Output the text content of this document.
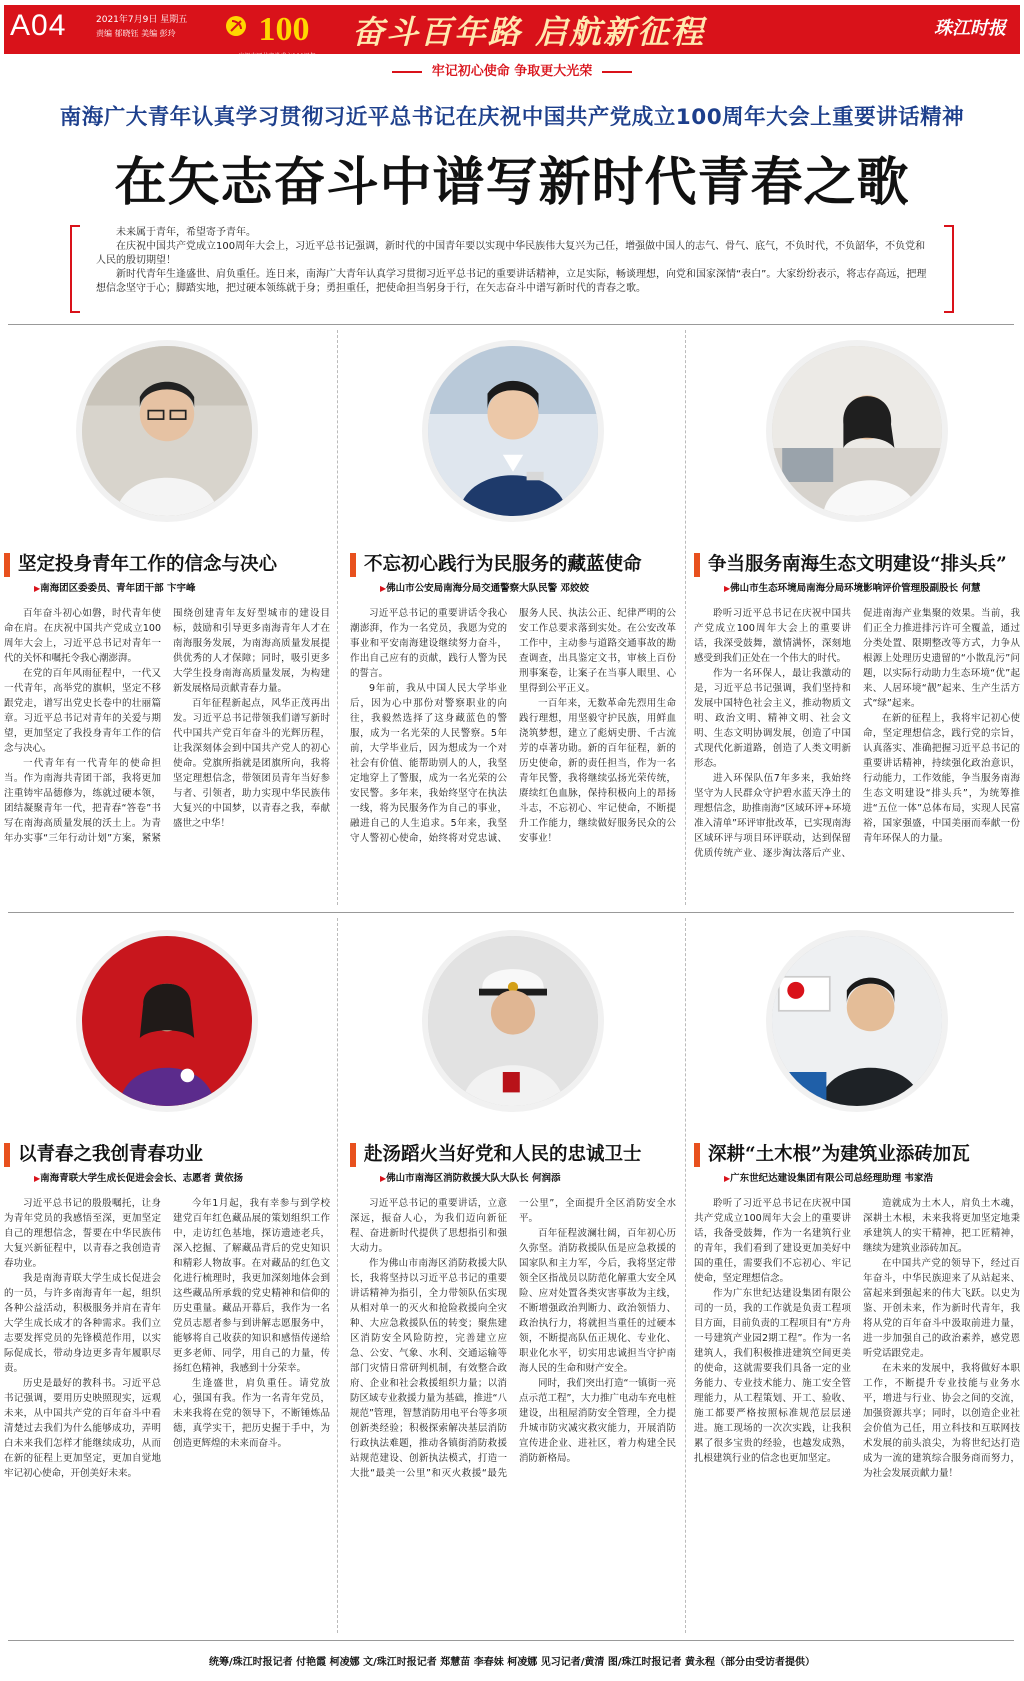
A04	2021年7月9日 星期五
责编 郁晓钰 美编 彭玲 100
庆祝中国共产党成立100周年
奋斗百年路 启航新征程	珠江时报
牢记初心使命 争取更大光荣
南海广大青年认真学习贯彻习近平总书记在庆祝中国共产党成立100周年大会上重要讲话精神
在矢志奋斗中谱写新时代青春之歌

未来属于青年，希望寄予青年。

在庆祝中国共产党成立100周年大会上，习近平总书记强调，新时代的中国青年要以实现中华民族伟大复兴为己任，增强做中国人的志气、骨气、底气，不负时代，不负韶华，不负党和人民的殷切期望！

新时代青年生逢盛世、肩负重任。连日来，南海广大青年认真学习贯彻习近平总书记的重要讲话精神，立足实际，畅谈理想，向党和国家深情“表白”。大家纷纷表示，将志存高远，把理想信念坚守于心；脚踏实地，把过硬本领练就于身；勇担重任，把使命担当躬身于行，在矢志奋斗中谱写新时代的青春之歌。

坚定投身青年工作的信念与决心
▶ 南海团区委委员、青年团干部 卞宇峰

百年奋斗初心如磐，时代青年使命在肩。在庆祝中国共产党成立100周年大会上，习近平总书记对青年一代的关怀和嘱托令我心潮澎湃。

在党的百年风雨征程中，一代又一代青年，高举党的旗帜，坚定不移跟党走，谱写出党史长卷中的壮丽篇章。习近平总书记对青年的关爱与期望，更加坚定了我投身青年工作的信念与决心。

一代青年有一代青年的使命担当。作为南海共青团干部，我将更加注重铸牢品德修为，练就过硬本领，团结凝聚青年一代，把青春“答卷”书写在南海高质量发展的沃土上。为青年办实事“三年行动计划”方案，紧紧围绕创建青年友好型城市的建设目标，鼓励和引导更多南海青年人才在南海服务发展，为南海高质量发展提供优秀的人才保障；同时，吸引更多大学生投身南海高质量发展，为构建新发展格局贡献青春力量。

百年征程新起点，风华正茂再出发。习近平总书记带领我们谱写新时代中国共产党百年奋斗的光辉历程，让我深刻体会到中国共产党人的初心使命。党旗所指就是团旗所向，我将坚定理想信念，带领团员青年当好参与者、引领者，助力实现中华民族伟大复兴的中国梦，以青春之我，奉献盛世之中华！

不忘初心践行为民服务的藏蓝使命
▶ 佛山市公安局南海分局交通警察大队民警 邓姣姣

习近平总书记的重要讲话令我心潮澎湃，作为一名党员，我愿为党的事业和平安南海建设继续努力奋斗，作出自己应有的贡献，践行人警为民的誓言。

9年前，我从中国人民大学毕业后，因为心中那份对警察职业的向往，我毅然选择了这身藏蓝色的警服，成为一名光荣的人民警察。5年前，大学毕业后，因为想成为一个对社会有价值、能帮助别人的人，我坚定地穿上了警服，成为一名光荣的公安民警。多年来，我始终坚守在执法一线，将为民服务作为自己的事业，融进自己的人生追求。5年来，我坚守人警初心使命，始终将对党忠诚、服务人民、执法公正、纪律严明的公安工作总要求落到实处。在公安改革工作中，主动参与道路交通事故的勘查调查，出具鉴定文书，审核上百份刑事案卷，让案子在当事人眼里、心里得到公平正义。

一百年来，无数革命先烈用生命践行理想，用坚毅守护民族，用鲜血浇筑梦想，建立了彪炳史册、千古流芳的卓著功勋。新的百年征程，新的历史使命，新的责任担当，作为一名青年民警，我将继续弘扬光荣传统，赓续红色血脉，保持积极向上的昂扬斗志，不忘初心、牢记使命，不断提升工作能力，继续做好服务民众的公安事业！

争当服务南海生态文明建设“排头兵”
▶ 佛山市生态环境局南海分局环境影响评价管理股副股长 何慧

聆听习近平总书记在庆祝中国共产党成立100周年大会上的重要讲话，我深受鼓舞，激情满怀，深刻地感受到我们正处在一个伟大的时代。

作为一名环保人，最让我激动的是，习近平总书记强调，我们坚持和发展中国特色社会主义，推动物质文明、政治文明、精神文明、社会文明、生态文明协调发展，创造了中国式现代化新道路，创造了人类文明新形态。

进入环保队伍7年多来，我始终坚守为人民群众守护碧水蓝天净土的理想信念，助推南海“区域环评+环境准入清单”环评审批改革，已实现南海区域环评与项目环评联动，达到保留优质传统产业、逐步淘汰落后产业、促进南海产业集聚的效果。当前，我们正全力推进排污许可全覆盖，通过分类处置、限期整改等方式，力争从根源上处理历史遗留的“小散乱污”问题，以实际行动助力生态环境“优”起来、人居环境“靓”起来、生产生活方式“绿”起来。

在新的征程上，我将牢记初心使命，坚定理想信念，践行党的宗旨，认真落实、准确把握习近平总书记的重要讲话精神，持续强化政治意识，行动能力，工作效能，争当服务南海生态文明建设“排头兵”，为统筹推进“五位一体”总体布局，实现人民富裕，国家强盛，中国美丽而奉献一份青年环保人的力量。

以青春之我创青春功业
▶ 南海青联大学生成长促进会会长、志愿者 黄依扬

习近平总书记的殷殷嘱托，让身为青年党员的我感悟至深，更加坚定自己的理想信念，誓要在中华民族伟大复兴新征程中，以青春之我创造青春功业。

我是南海青联大学生成长促进会的一员，与许多南海青年一起，组织各种公益活动，积极服务并肩在青年大学生成长成才的各种需求。我们立志要发挥党员的先锋模范作用，以实际促成长，带动身边更多青年履职尽责。

历史是最好的教科书。习近平总书记强调，要用历史映照现实，远观未来，从中国共产党的百年奋斗中看清楚过去我们为什么能够成功，弄明白未来我们怎样才能继续成功，从而在新的征程上更加坚定，更加自觉地牢记初心使命，开创美好未来。

今年1月起，我有幸参与到学校建党百年红色藏品展的策划组织工作中，走访红色基地，探访遗迹老兵，深入挖掘、了解藏品背后的党史知识和精彩人物故事。在对藏品的红色文化进行梳理时，我更加深刻地体会到这些藏品所承载的党史精神和信仰的历史重量。藏品开幕后，我作为一名党员志愿者参与到讲解志愿服务中，能够将自己收获的知识和感悟传递给更多老师、同学，用自己的力量，传扬红色精神，我感到十分荣幸。

生逢盛世，肩负重任。请党放心，强国有我。作为一名青年党员，未来我将在党的领导下，不断锤炼品德，真学实干，把历史握于手中，为创造更辉煌的未来而奋斗。

赴汤蹈火当好党和人民的忠诚卫士
▶ 佛山市南海区消防救援大队大队长 何润添

习近平总书记的重要讲话，立意深远，振奋人心，为我们迈向新征程、奋进新时代提供了思想指引和强大动力。

作为佛山市南海区消防救援大队长，我将坚持以习近平总书记的重要讲话精神为指引，全力带领队伍实现从相对单一的灭火和抢险救援向全灾种、大应急救援队伍的转变；聚焦建区消防安全风险防控，完善建立应急、公安、气象、水利、交通运输等部门灾情日常研判机制，有效整合政府、企业和社会救援组织力量；以消防区域专业救援力量为基础，推进“八规范”管理，智慧消防用电平台等多项创新类经验；积极探索解决基层消防行政执法难题，推动各镇街消防救援站规范建设、创新执法模式，打造一大批“最美一公里”和灭火救援“最先一公里”，全面提升全区消防安全水平。

百年征程波澜壮阔，百年初心历久弥坚。消防救援队伍是应急救援的国家队和主力军，今后，我将坚定带领全区指战员以防范化解重大安全风险、应对处置各类灾害事故为主线，不断增强政治判断力、政治领悟力、政治执行力，将就担当重任的过硬本领，不断提高队伍正规化、专业化、职业化水平，切实用忠诚担当守护南海人民的生命和财产安全。

同时，我们突出打造“一镇街一亮点示范工程”，大力推广电动车充电桩建设，出租屋消防安全管理，全力提升城市防灾减灾救灾能力，开展消防宣传进企业、进社区，着力构建全民消防新格局。

深耕“土木根”为建筑业添砖加瓦
▶ 广东世纪达建设集团有限公司总经理助理 韦家浩

聆听了习近平总书记在庆祝中国共产党成立100周年大会上的重要讲话，我备受鼓舞，作为一名建筑行业的青年，我们看到了建设更加美好中国的重任，需要我们不忘初心、牢记使命，坚定理想信念。

作为广东世纪达建设集团有限公司的一员，我的工作就是负责工程项目方面，目前负责的工程项目有“方舟一号建筑产业园2期工程”。作为一名建筑人，我们积极推进建筑空间更美的使命，这就需要我们具备一定的业务能力、专业技术能力、施工安全管理能力，从工程策划、开工、验收、施工都要严格按照标准规范层层递进。施工现场的一次次实践，让我积累了很多宝贵的经验，也越发成熟，扎根建筑行业的信念也更加坚定。

造就成为土木人，肩负土木魂，深耕土木根，未来我将更加坚定地秉承建筑人的实干精神，把工匠精神，继续为建筑业添砖加瓦。

在中国共产党的领导下，经过百年奋斗，中华民族迎来了从站起来、富起来到强起来的伟大飞跃。以史为鉴、开创未来，作为新时代青年，我将从党的百年奋斗中汲取前进力量，进一步加强自己的政治素养，感党恩听党话跟党走。

在未来的发展中，我将做好本职工作，不断提升专业技能与业务水平，增进与行业、协会之间的交流，加强资源共享；同时，以创造企业社会价值为己任，用立科技和互联网技术发展的前头浪尖，为将世纪达打造成为一流的建筑综合服务商而努力，为社会发展贡献力量！

统筹/珠江时报记者 付艳霞 柯凌娜 文/珠江时报记者 郑慧苗 李春妹 柯凌娜 见习记者/黄清 图/珠江时报记者 黄永程（部分由受访者提供）
